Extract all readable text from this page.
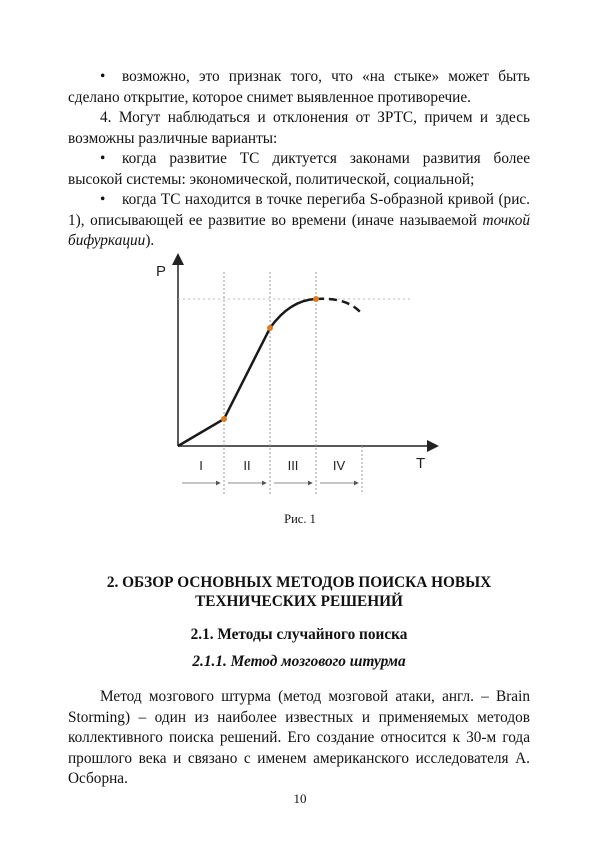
• возможно, это признак того, что «на стыке» может быть сделано открытие, которое снимет выявленное противоречие.

4. Могут наблюдаться и отклонения от ЗРТС, причем и здесь возможны различные варианты:

• когда развитие ТС диктуется законами развития более высокой системы: экономической, политической, социальной;

• когда ТС находится в точке перегиба S-образной кривой (рис. 1), описывающей ее развитие во времени (иначе называемой точкой бифуркации).

P
T
I	II	III	IV
Рис. 1
2. ОБЗОР ОСНОВНЫХ МЕТОДОВ ПОИСКА НОВЫХ ТЕХНИЧЕСКИХ РЕШЕНИЙ
2.1. Методы случайного поиска
2.1.1. Метод мозгового штурма

Метод мозгового штурма (метод мозговой атаки, англ. – Brain Storming) – один из наиболее известных и применяемых методов коллективного поиска решений. Его создание относится к 30-м года прошлого века и связано с именем американского исследователя А. Осборна.

10
